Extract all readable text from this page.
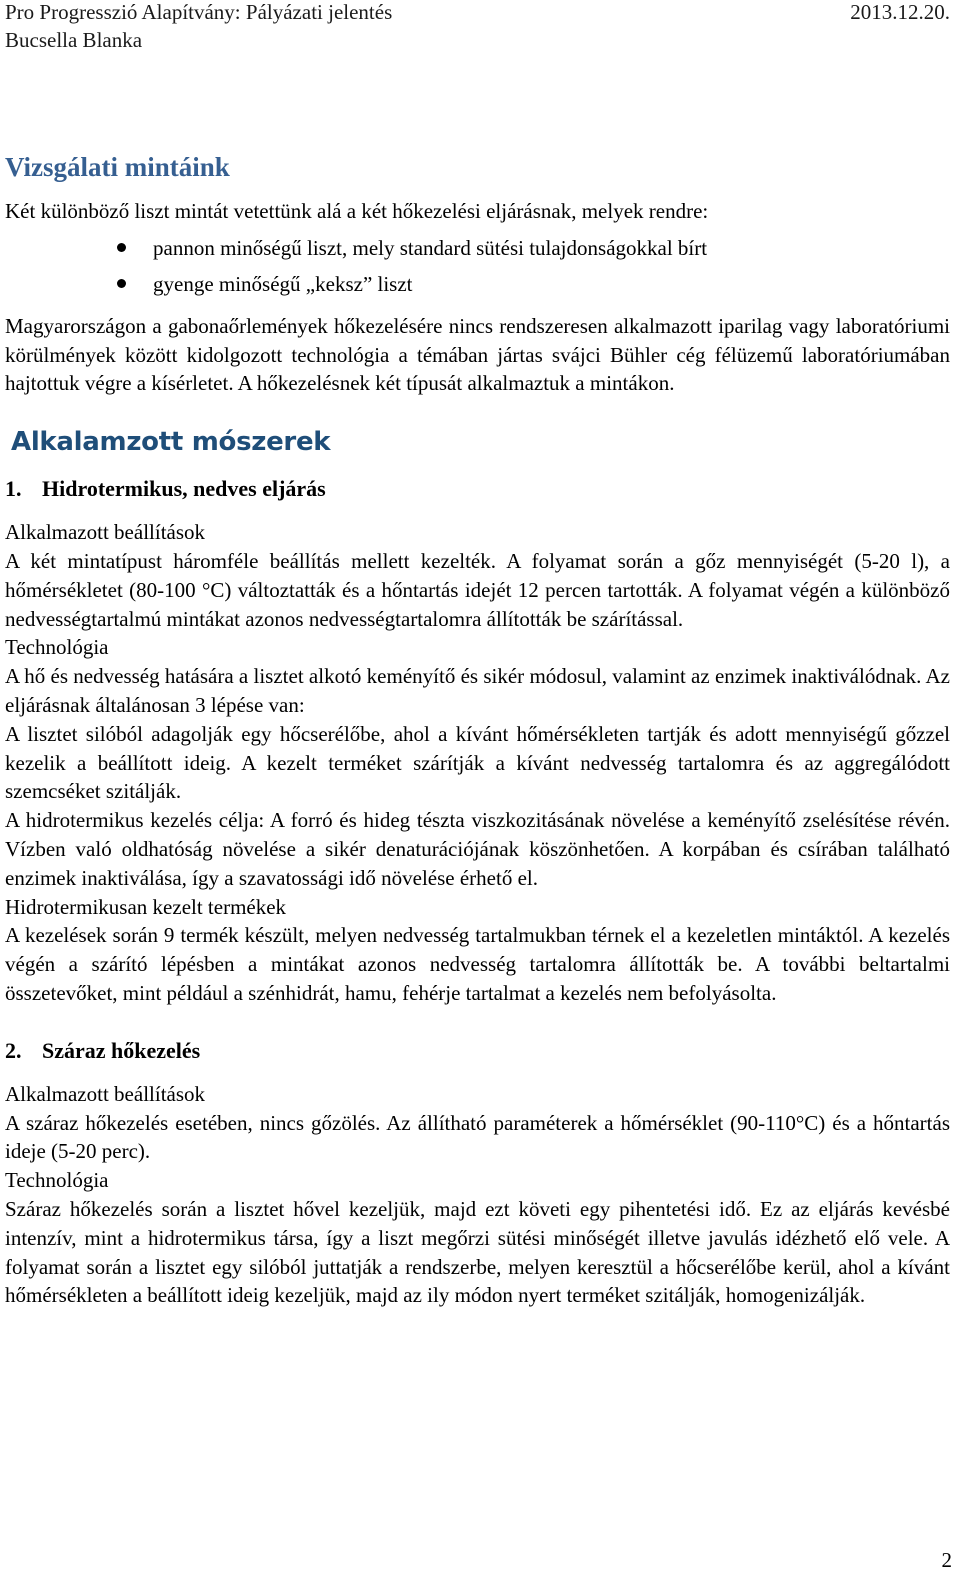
Pro Progresszió Alapítvány: Pályázati jelentés	2013.12.20.
Bucsella Blanka
Vizsgálati mintáink

Két különböző liszt mintát vetettünk alá a két hőkezelési eljárásnak, melyek rendre:

pannon minőségű liszt, mely standard sütési tulajdonságokkal bírt
gyenge minőségű „keksz” liszt

Magyarországon a gabonaőrlemények hőkezelésére nincs rendszeresen alkalmazott iparilag vagy laboratóriumi körülmények között kidolgozott technológia a témában jártas svájci Bühler cég félüzemű laboratóriumában hajtottuk végre a kísérletet. A hőkezelésnek két típusát alkalmaztuk a mintákon.

Alkalamzott mószerek
1. Hidrotermikus, nedves eljárás
Alkalmazott beállítások

A két mintatípust háromféle beállítás mellett kezelték. A folyamat során a gőz mennyiségét (5-20 l), a hőmérsékletet (80-100 °C) változtatták és a hőntartás idejét 12 percen tartották. A folyamat végén a különböző nedvességtartalmú mintákat azonos nedvességtartalomra állították be szárítással.

Technológia

A hő és nedvesség hatására a lisztet alkotó keményítő és sikér módosul, valamint az enzimek inaktiválódnak. Az eljárásnak általánosan 3 lépése van:

A lisztet silóból adagolják egy hőcserélőbe, ahol a kívánt hőmérsékleten tartják és adott mennyiségű gőzzel kezelik a beállított ideig. A kezelt terméket szárítják a kívánt nedvesség tartalomra és az aggregálódott szemcséket szitálják.

A hidrotermikus kezelés célja: A forró és hideg tészta viszkozitásának növelése a keményítő zselésítése révén. Vízben való oldhatóság növelése a sikér denaturációjának köszönhetően. A korpában és csírában található enzimek inaktiválása, így a szavatossági idő növelése érhető el.

Hidrotermikusan kezelt termékek

A kezelések során 9 termék készült, melyen nedvesség tartalmukban térnek el a kezeletlen mintáktól. A kezelés végén a szárító lépésben a mintákat azonos nedvesség tartalomra állították be. A további beltartalmi összetevőket, mint például a szénhidrát, hamu, fehérje tartalmat a kezelés nem befolyásolta.

2. Száraz hőkezelés
Alkalmazott beállítások

A száraz hőkezelés esetében, nincs gőzölés. Az állítható paraméterek a hőmérséklet (90-110°C) és a hőntartás ideje (5-20 perc).

Technológia

Száraz hőkezelés során a lisztet hővel kezeljük, majd ezt követi egy pihentetési idő. Ez az eljárás kevésbé intenzív, mint a hidrotermikus társa, így a liszt megőrzi sütési minőségét illetve javulás idézhető elő vele. A folyamat során a lisztet egy silóból juttatják a rendszerbe, melyen keresztül a hőcserélőbe kerül, ahol a kívánt hőmérsékleten a beállított ideig kezeljük, majd az ily módon nyert terméket szitálják, homogenizálják.

2
